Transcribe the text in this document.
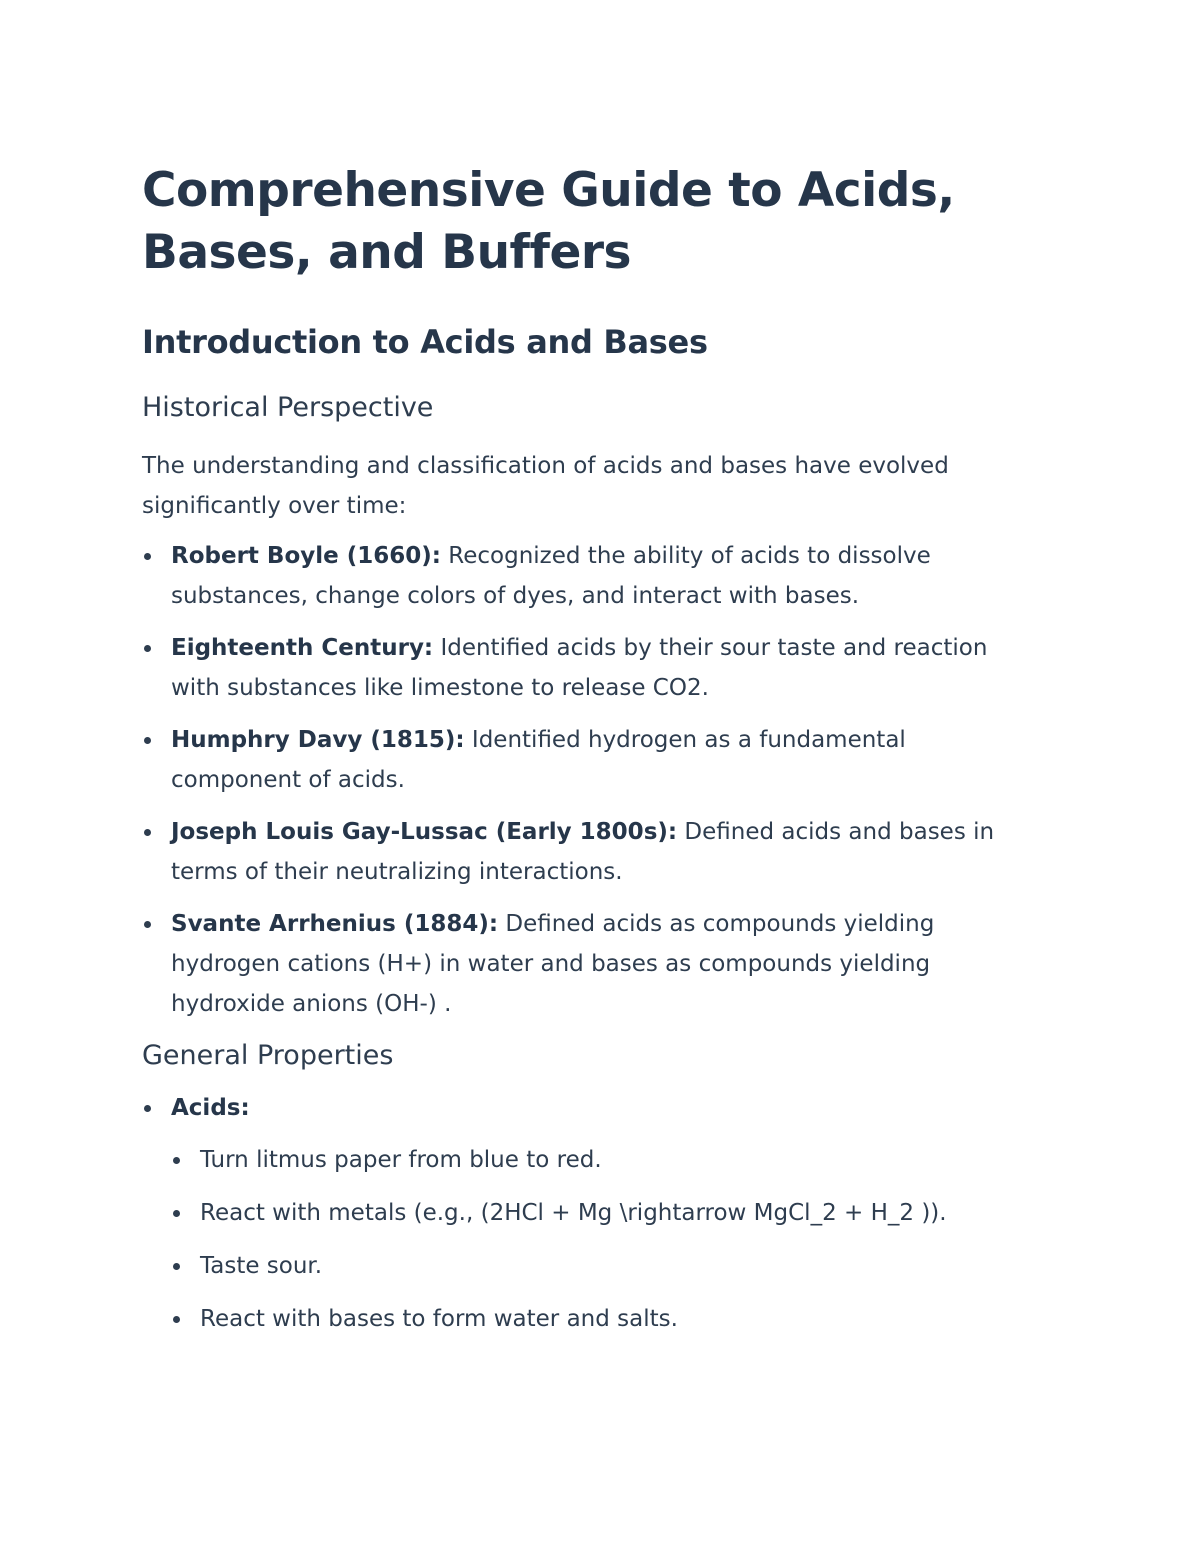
Comprehensive Guide to Acids, Bases, and Buffers
Introduction to Acids and Bases
Historical Perspective

The understanding and classification of acids and bases have evolved significantly over time:

Robert Boyle (1660): Recognized the ability of acids to dissolve substances, change colors of dyes, and interact with bases.
Eighteenth Century: Identified acids by their sour taste and reaction with substances like limestone to release CO2.
Humphry Davy (1815): Identified hydrogen as a fundamental component of acids.
Joseph Louis Gay-Lussac (Early 1800s): Defined acids and bases in terms of their neutralizing interactions.
Svante Arrhenius (1884): Defined acids as compounds yielding hydrogen cations (H+) in water and bases as compounds yielding hydroxide anions (OH-) .
General Properties
Acids:
Turn litmus paper from blue to red.
React with metals (e.g., (2HCl + Mg \rightarrow MgCl_2 + H_2 )).
Taste sour.
React with bases to form water and salts.
